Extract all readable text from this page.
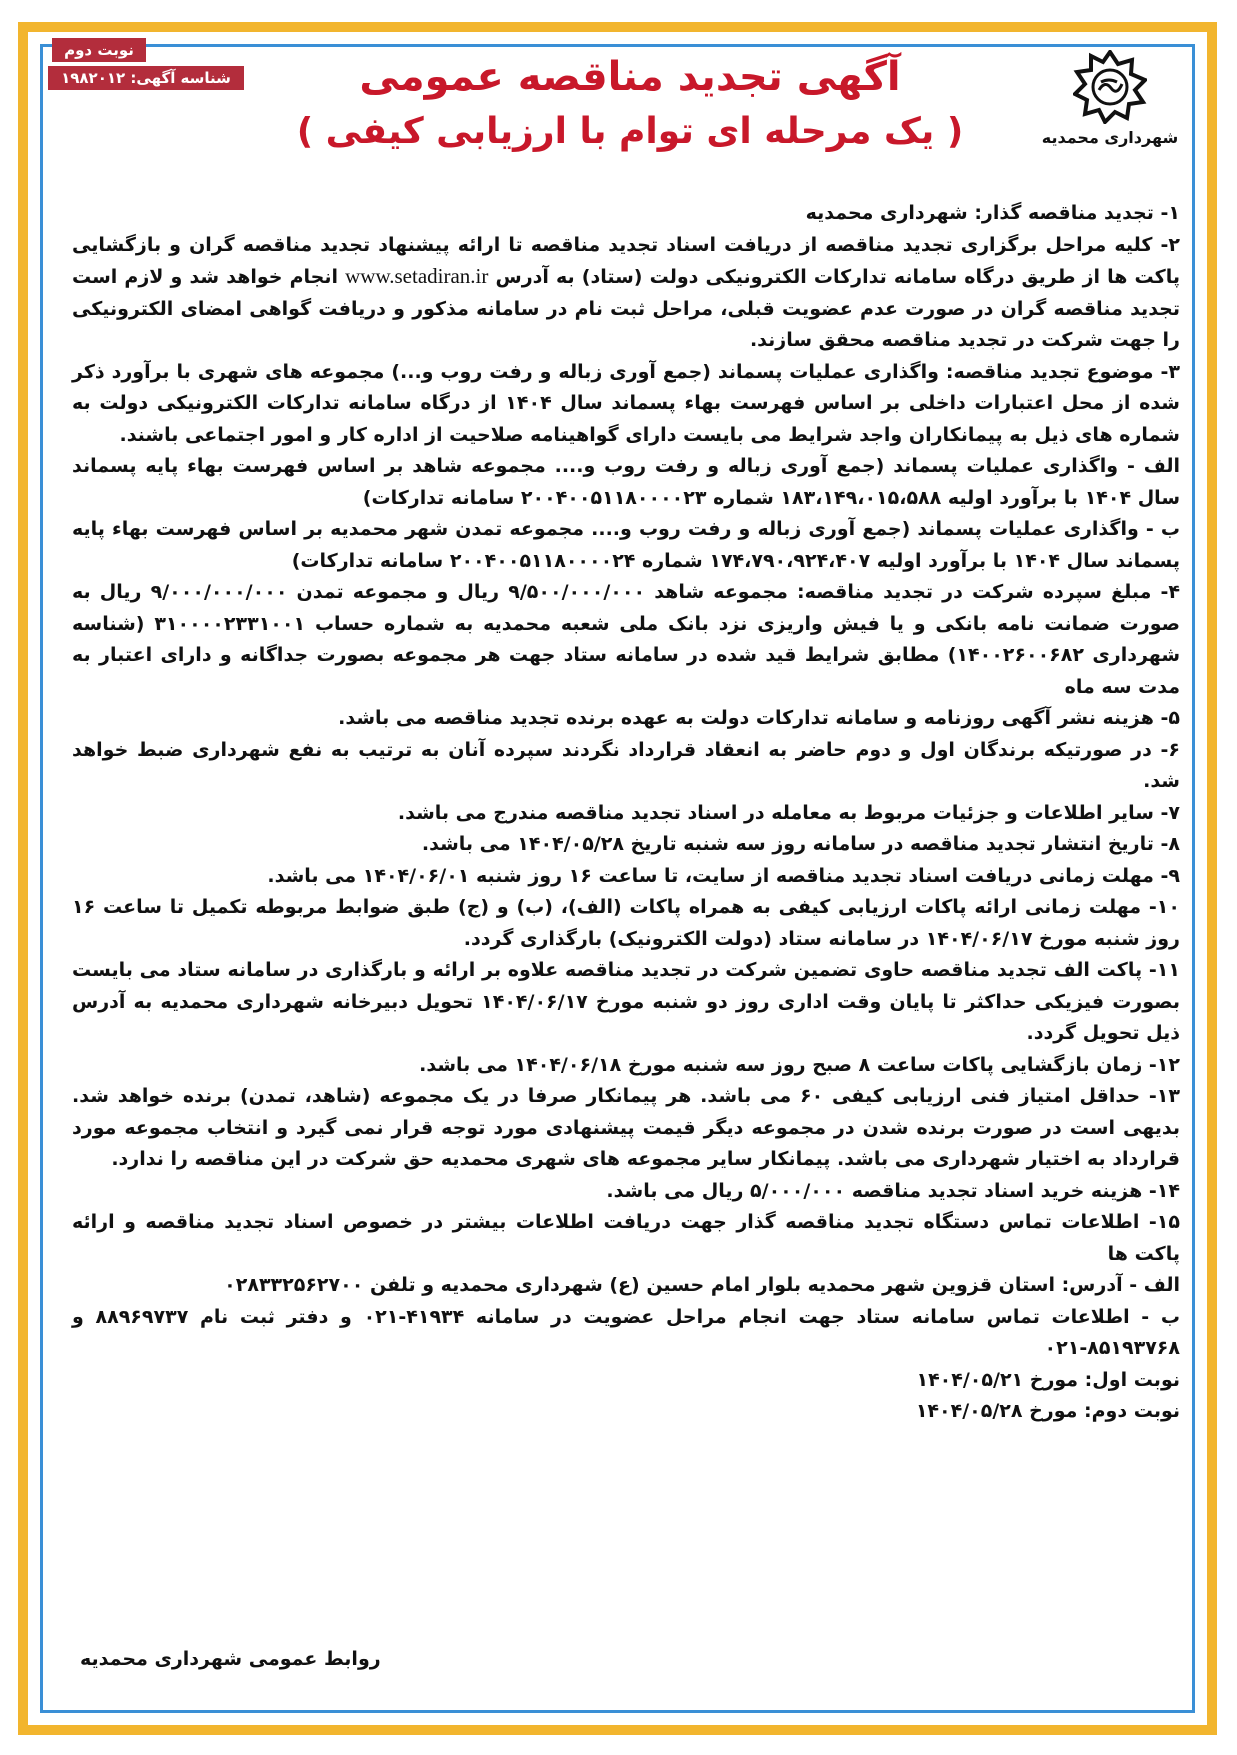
نوبت دوم
شناسه آگهی: ۱۹۸۲۰۱۲	آگهی تجدید مناقصه عمومی
( یک مرحله ای توام با ارزیابی کیفی )	شهرداری محمدیه

۱- تجدید مناقصه گذار: شهرداری محمدیه

۲- کلیه مراحل برگزاری تجدید مناقصه از دریافت اسناد تجدید مناقصه تا ارائه پیشنهاد تجدید مناقصه گران و بازگشایی پاکت ها از طریق درگاه سامانه تدارکات الکترونیکی دولت (ستاد) به آدرس www.setadiran.ir انجام خواهد شد و لازم است تجدید مناقصه گران در صورت عدم عضویت قبلی، مراحل ثبت نام در سامانه مذکور و دریافت گواهی امضای الکترونیکی را جهت شرکت در تجدید مناقصه محقق سازند.

۳- موضوع تجدید مناقصه: واگذاری عملیات پسماند (جمع آوری زباله و رفت روب و...) مجموعه های شهری با برآورد ذکر شده از محل اعتبارات داخلی بر اساس فهرست بهاء پسماند سال ۱۴۰۴ از درگاه سامانه تدارکات الکترونیکی دولت به شماره های ذیل به پیمانکاران واجد شرایط می بایست دارای گواهینامه صلاحیت از اداره کار و امور اجتماعی باشند.

الف - واگذاری عملیات پسماند (جمع آوری زباله و رفت روب و.... مجموعه شاهد بر اساس فهرست بهاء پایه پسماند سال ۱۴۰۴ با برآورد اولیه ۱۸۳،۱۴۹،۰۱۵،۵۸۸ شماره ۲۰۰۴۰۰۵۱۱۸۰۰۰۰۲۳ سامانه تدارکات)

ب - واگذاری عملیات پسماند (جمع آوری زباله و رفت روب و.... مجموعه تمدن شهر محمدیه بر اساس فهرست بهاء پایه پسماند سال ۱۴۰۴ با برآورد اولیه ۱۷۴،۷۹۰،۹۲۴،۴۰۷ شماره ۲۰۰۴۰۰۵۱۱۸۰۰۰۰۲۴ سامانه تدارکات)

۴- مبلغ سپرده شرکت در تجدید مناقصه: مجموعه شاهد ۹/۵۰۰/۰۰۰/۰۰۰ ریال و مجموعه تمدن ۹/۰۰۰/۰۰۰/۰۰۰ ریال به صورت ضمانت نامه بانکی و یا فیش واریزی نزد بانک ملی شعبه محمدیه به شماره حساب ۳۱۰۰۰۰۲۳۳۱۰۰۱ (شناسه شهرداری ۱۴۰۰۲۶۰۰۶۸۲) مطابق شرایط قید شده در سامانه ستاد جهت هر مجموعه بصورت جداگانه و دارای اعتبار به مدت سه ماه

۵- هزینه نشر آگهی روزنامه و سامانه تدارکات دولت به عهده برنده تجدید مناقصه می باشد.

۶- در صورتیکه برندگان اول و دوم حاضر به انعقاد قرارداد نگردند سپرده آنان به ترتیب به نفع شهرداری ضبط خواهد شد.

۷- سایر اطلاعات و جزئیات مربوط به معامله در اسناد تجدید مناقصه مندرج می باشد.

۸- تاریخ انتشار تجدید مناقصه در سامانه روز سه شنبه تاریخ ۱۴۰۴/۰۵/۲۸ می باشد.

۹- مهلت زمانی دریافت اسناد تجدید مناقصه از سایت، تا ساعت ۱۶ روز شنبه ۱۴۰۴/۰۶/۰۱ می باشد.

۱۰- مهلت زمانی ارائه پاکات ارزیابی کیفی به همراه پاکات (الف)، (ب) و (ج) طبق ضوابط مربوطه تکمیل تا ساعت ۱۶ روز شنبه مورخ ۱۴۰۴/۰۶/۱۷ در سامانه ستاد (دولت الکترونیک) بارگذاری گردد.

۱۱- پاکت الف تجدید مناقصه حاوی تضمین شرکت در تجدید مناقصه علاوه بر ارائه و بارگذاری در سامانه ستاد می بایست بصورت فیزیکی حداکثر تا پایان وقت اداری روز دو شنبه مورخ ۱۴۰۴/۰۶/۱۷ تحویل دبیرخانه شهرداری محمدیه به آدرس ذیل تحویل گردد.

۱۲- زمان بازگشایی پاکات ساعت ۸ صبح روز سه شنبه مورخ ۱۴۰۴/۰۶/۱۸ می باشد.

۱۳- حداقل امتیاز فنی ارزیابی کیفی ۶۰ می باشد. هر پیمانکار صرفا در یک مجموعه (شاهد، تمدن) برنده خواهد شد. بدیهی است در صورت برنده شدن در مجموعه دیگر قیمت پیشنهادی مورد توجه قرار نمی گیرد و انتخاب مجموعه مورد قرارداد به اختیار شهرداری می باشد. پیمانکار سایر مجموعه های شهری محمدیه حق شرکت در این مناقصه را ندارد.

۱۴- هزینه خرید اسناد تجدید مناقصه ۵/۰۰۰/۰۰۰ ریال می باشد.

۱۵- اطلاعات تماس دستگاه تجدید مناقصه گذار جهت دریافت اطلاعات بیشتر در خصوص اسناد تجدید مناقصه و ارائه پاکت ها

الف - آدرس: استان قزوین شهر محمدیه بلوار امام حسین (ع) شهرداری محمدیه و تلفن ۰۲۸۳۳۲۵۶۲۷۰۰

ب - اطلاعات تماس سامانه ستاد جهت انجام مراحل عضویت در سامانه ۴۱۹۳۴-۰۲۱ و دفتر ثبت نام ۸۸۹۶۹۷۳۷ و ۸۵۱۹۳۷۶۸-۰۲۱

نوبت اول: مورخ ۱۴۰۴/۰۵/۲۱

نوبت دوم: مورخ ۱۴۰۴/۰۵/۲۸

روابط عمومی شهرداری محمدیه
